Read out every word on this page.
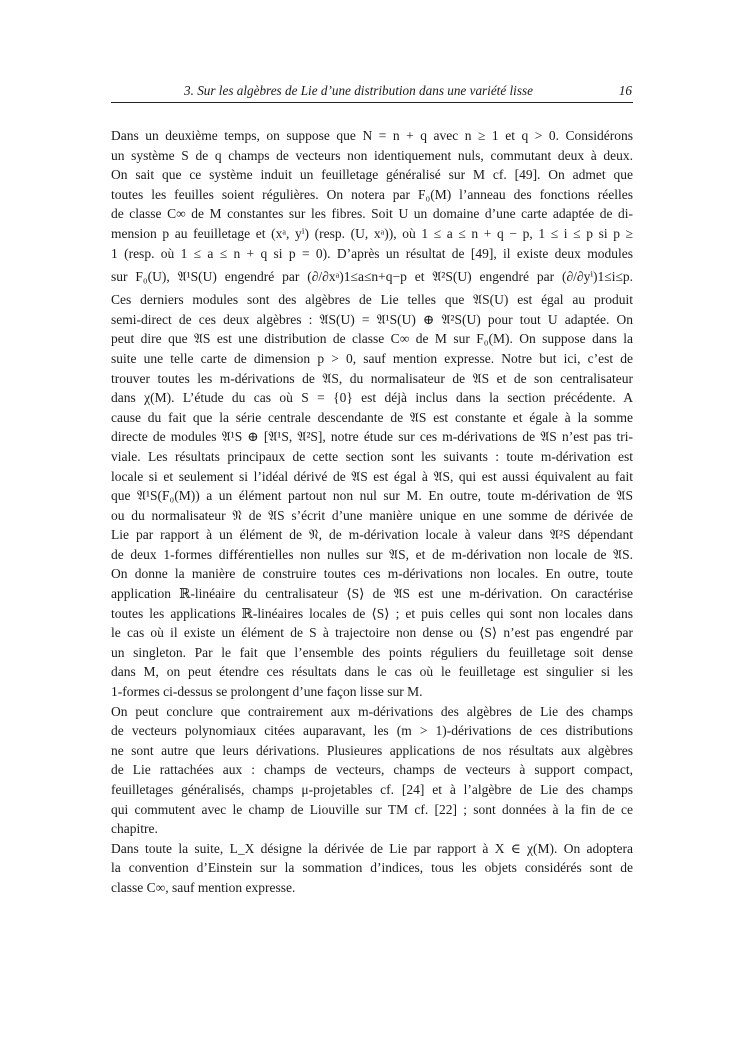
3. Sur les algèbres de Lie d’une distribution dans une variété lisse	16
Dans un deuxième temps, on suppose que N = n + q avec n ≥ 1 et q > 0. Considérons
un système S de q champs de vecteurs non identiquement nuls, commutant deux à deux.
On sait que ce système induit un feuilletage généralisé sur M cf. [49]. On admet que
toutes les feuilles soient régulières. On notera par F₀(M) l’anneau des fonctions réelles
de classe C∞ de M constantes sur les fibres. Soit U un domaine d’une carte adaptée de di-
mension p au feuilletage et (xᵃ, yⁱ) (resp. (U, xᵃ)), où 1 ≤ a ≤ n + q − p, 1 ≤ i ≤ p si p ≥
1 (resp. où 1 ≤ a ≤ n + q si p = 0). D’après un résultat de [49], il existe deux modules
sur F₀(U), 𝔄¹S(U) engendré par (∂/∂xᵃ)1≤a≤n+q−p et 𝔄²S(U) engendré par (∂/∂yⁱ)1≤i≤p.
Ces derniers modules sont des algèbres de Lie telles que 𝔄S(U) est égal au produit
semi-direct de ces deux algèbres : 𝔄S(U) = 𝔄¹S(U) ⊕ 𝔄²S(U) pour tout U adaptée. On
peut dire que 𝔄S est une distribution de classe C∞ de M sur F₀(M). On suppose dans la
suite une telle carte de dimension p > 0, sauf mention expresse. Notre but ici, c’est de
trouver toutes les m-dérivations de 𝔄S, du normalisateur de 𝔄S et de son centralisateur
dans χ(M). L’étude du cas où S = {0} est déjà inclus dans la section précédente. A
cause du fait que la série centrale descendante de 𝔄S est constante et égale à la somme
directe de modules 𝔄¹S ⊕ [𝔄¹S, 𝔄²S], notre étude sur ces m-dérivations de 𝔄S n’est pas tri-
viale. Les résultats principaux de cette section sont les suivants : toute m-dérivation est
locale si et seulement si l’idéal dérivé de 𝔄S est égal à 𝔄S, qui est aussi équivalent au fait
que 𝔄¹S(F₀(M)) a un élément partout non nul sur M. En outre, toute m-dérivation de 𝔄S
ou du normalisateur 𝔑 de 𝔄S s’écrit d’une manière unique en une somme de dérivée de
Lie par rapport à un élément de 𝔑, de m-dérivation locale à valeur dans 𝔄²S dépendant
de deux 1-formes différentielles non nulles sur 𝔄S, et de m-dérivation non locale de 𝔄S.
On donne la manière de construire toutes ces m-dérivations non locales. En outre, toute
application ℝ-linéaire du centralisateur ⟨S⟩ de 𝔄S est une m-dérivation. On caractérise
toutes les applications ℝ-linéaires locales de ⟨S⟩ ; et puis celles qui sont non locales dans
le cas où il existe un élément de S à trajectoire non dense ou ⟨S⟩ n’est pas engendré par
un singleton. Par le fait que l’ensemble des points réguliers du feuilletage soit dense
dans M, on peut étendre ces résultats dans le cas où le feuilletage est singulier si les
1-formes ci-dessus se prolongent d’une façon lisse sur M.
On peut conclure que contrairement aux m-dérivations des algèbres de Lie des champs
de vecteurs polynomiaux citées auparavant, les (m > 1)-dérivations de ces distributions
ne sont autre que leurs dérivations. Plusieures applications de nos résultats aux algèbres
de Lie rattachées aux : champs de vecteurs, champs de vecteurs à support compact,
feuilletages généralisés, champs μ-projetables cf. [24] et à l’algèbre de Lie des champs
qui commutent avec le champ de Liouville sur TM cf. [22] ; sont données à la fin de ce
chapitre.
Dans toute la suite, L_X désigne la dérivée de Lie par rapport à X ∈ χ(M). On adoptera
la convention d’Einstein sur la sommation d’indices, tous les objets considérés sont de
classe C∞, sauf mention expresse.
